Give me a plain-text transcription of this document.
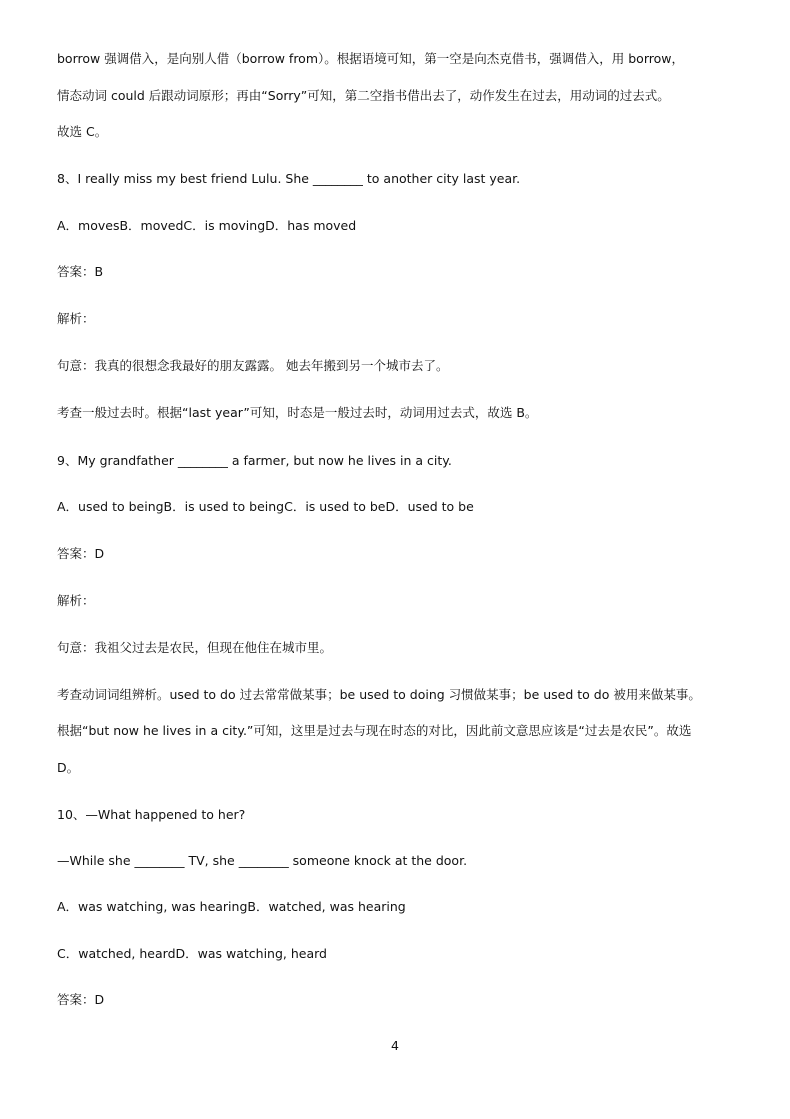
borrow 强调借入，是向别人借（borrow from）。根据语境可知，第一空是向杰克借书，强调借入，用 borrow，
情态动词 could 后跟动词原形；再由“Sorry”可知，第二空指书借出去了，动作发生在过去，用动词的过去式。
故选 C。
8、I really miss my best friend Lulu. She ________ to another city last year.
A．movesB．movedC．is movingD．has moved
答案：B
解析：
句意：我真的很想念我最好的朋友露露。 她去年搬到另一个城市去了。
考查一般过去时。根据“last year”可知，时态是一般过去时，动词用过去式，故选 B。
9、My grandfather ________ a farmer, but now he lives in a city.
A．used to beingB．is used to beingC．is used to beD．used to be
答案：D
解析：
句意：我祖父过去是农民，但现在他住在城市里。
考查动词词组辨析。used to do 过去常常做某事；be used to doing 习惯做某事；be used to do 被用来做某事。
根据“but now he lives in a city.”可知，这里是过去与现在时态的对比，因此前文意思应该是“过去是农民”。故选
D。
10、—What happened to her?
—While she ________ TV, she ________ someone knock at the door.
A．was watching, was hearingB．watched, was hearing
C．watched, heardD．was watching, heard
答案：D
4
